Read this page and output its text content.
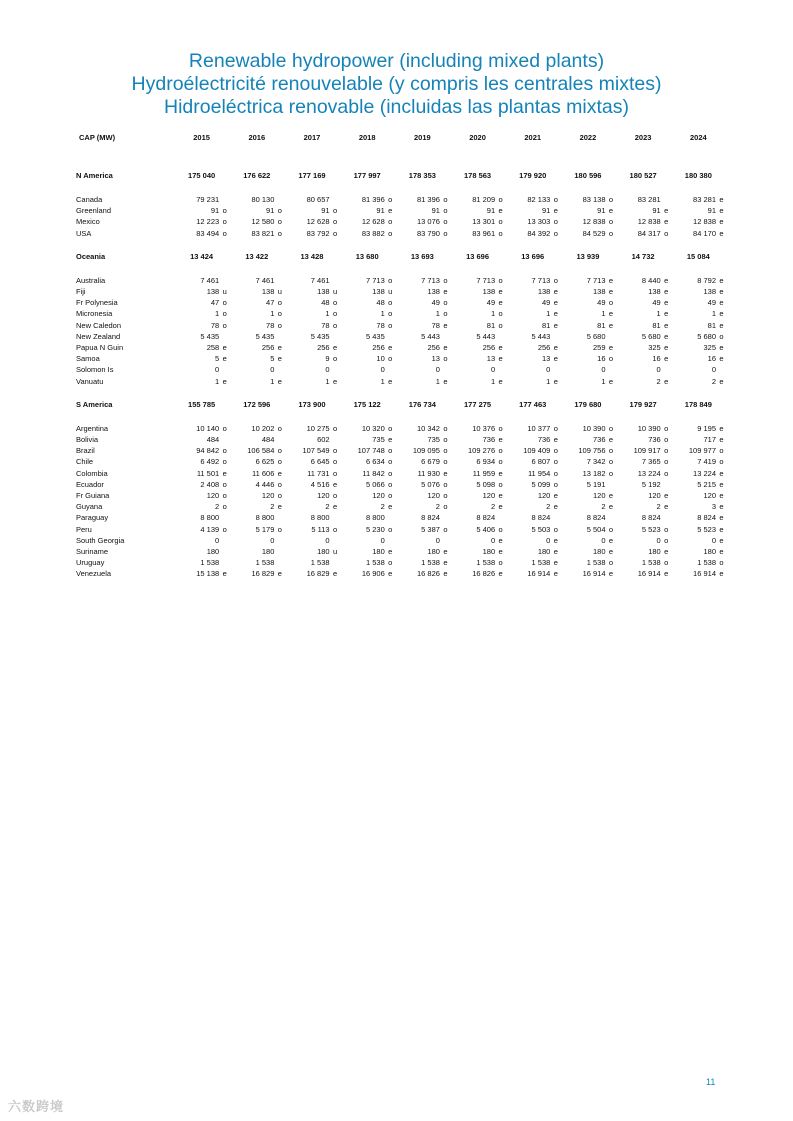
Renewable hydropower (including mixed plants)
Hydroélectricité renouvelable (y compris les centrales mixtes)
Hidroeléctrica renovable (incluidas las plantas mixtas)
CAP (MW)	2015	2016	2017	2018	2019	2020	2021	2022	2023	2024

N America	175 040	176 622	177 169	177 997	178 353	178 563	179 920	180 596	180 527	180 380

Canada	79 231	80 130	80 657	81 396 o	81 396 o	81 209 o	82 133 o	83 138 o	83 281	83 281 e
Greenland	91 o	91 o	91 o	91 e	91 o	91 e	91 e	91 e	91 e	91 e
Mexico	12 223 o	12 580 o	12 628 o	12 628 o	13 076 o	13 301 o	13 303 o	12 838 o	12 838 e	12 838 e
USA	83 494 o	83 821 o	83 792 o	83 882 o	83 790 o	83 961 o	84 392 o	84 529 o	84 317 o	84 170 e

Oceania	13 424	13 422	13 428	13 680	13 693	13 696	13 696	13 939	14 732	15 084

Australia	7 461	7 461	7 461	7 713 o	7 713 o	7 713 o	7 713 o	7 713 e	8 440 e	8 792 e
Fiji	138 u	138 u	138 u	138 u	138 e	138 e	138 e	138 e	138 e	138 e
Fr Polynesia	47 o	47 o	48 o	48 o	49 o	49 e	49 e	49 o	49 e	49 e
Micronesia	1 o	1 o	1 o	1 o	1 o	1 o	1 e	1 e	1 e	1 e
New Caledon	78 o	78 o	78 o	78 o	78 e	81 o	81 e	81 e	81 e	81 e
New Zealand	5 435	5 435	5 435	5 435	5 443	5 443	5 443	5 680	5 680 e	5 680 o
Papua N Guin	258 e	256 e	256 e	256 e	256 e	256 e	256 e	259 e	325 e	325 e
Samoa	5 e	5 e	9 o	10 o	13 o	13 e	13 e	16 o	16 e	16 e
Solomon Is	0	0	0	0	0	0	0	0	0	0
Vanuatu	1 e	1 e	1 e	1 e	1 e	1 e	1 e	1 e	2 e	2 e

S America	155 785	172 596	173 900	175 122	176 734	177 275	177 463	179 680	179 927	178 849

Argentina	10 140 o	10 202 o	10 275 o	10 320 o	10 342 o	10 376 o	10 377 o	10 390 o	10 390 o	9 195 e
Bolivia	484	484	602	735 e	735 o	736 e	736 e	736 e	736 o	717 e
Brazil	94 842 o	106 584 o	107 549 o	107 748 o	109 095 o	109 276 o	109 409 o	109 756 o	109 917 o	109 977 o
Chile	6 492 o	6 625 o	6 645 o	6 634 o	6 679 o	6 934 o	6 807 o	7 342 o	7 365 o	7 419 o
Colombia	11 501 e	11 606 e	11 731 o	11 842 o	11 930 e	11 959 e	11 954 o	13 182 o	13 224 o	13 224 e
Ecuador	2 408 o	4 446 o	4 516 e	5 066 o	5 076 o	5 098 o	5 099 o	5 191	5 192	5 215 e
Fr Guiana	120 o	120 o	120 o	120 o	120 o	120 e	120 e	120 e	120 e	120 e
Guyana	2 o	2 e	2 e	2 e	2 o	2 e	2 e	2 e	2 e	3 e
Paraguay	8 800	8 800	8 800	8 800	8 824	8 824	8 824	8 824	8 824	8 824 e
Peru	4 139 o	5 179 o	5 113 o	5 230 o	5 387 o	5 406 o	5 503 o	5 504 o	5 523 o	5 523 e
South Georgia	0	0	0	0	0	0 e	0 e	0 e	0 o	0 e
Suriname	180	180	180 u	180 e	180 e	180 e	180 e	180 e	180 e	180 e
Uruguay	1 538	1 538	1 538	1 538 o	1 538 e	1 538 o	1 538 e	1 538 o	1 538 o	1 538 o
Venezuela	15 138 e	16 829 e	16 829 e	16 906 e	16 826 e	16 826 e	16 914 e	16 914 e	16 914 e	16 914 e
11
六数跨境
